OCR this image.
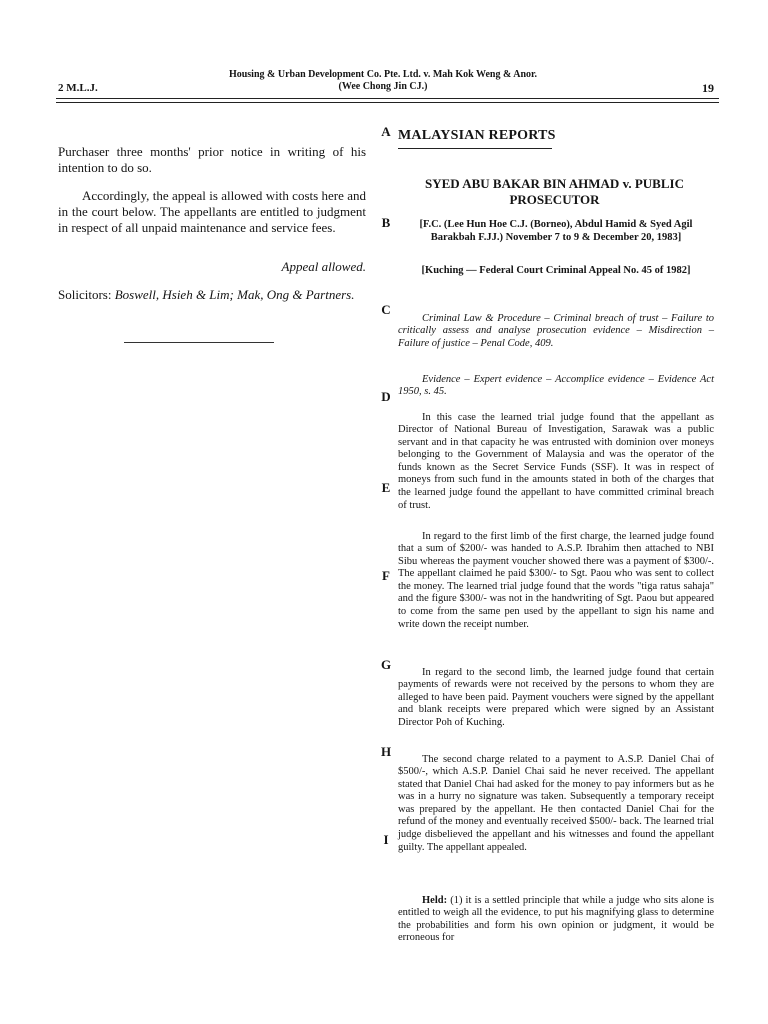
2 M.L.J.
Housing & Urban Development Co. Pte. Ltd. v. Mah Kok Weng & Anor.
(Wee Chong Jin CJ.)	19

Purchaser three months' prior notice in writing of his intention to do so.

Accordingly, the appeal is allowed with costs here and in the court below. The appellants are entitled to judgment in respect of all unpaid maintenance and service fees.

Appeal allowed.

Solicitors: Boswell, Hsieh & Lim; Mak, Ong & Partners.

A
B
C
D
E
F
G
H
I
MALAYSIAN REPORTS
SYED ABU BAKAR BIN AHMAD v. PUBLIC PROSECUTOR
[F.C. (Lee Hun Hoe C.J. (Borneo), Abdul Hamid & Syed Agil Barakbah F.JJ.) November 7 to 9 & December 20, 1983]
[Kuching — Federal Court Criminal Appeal No. 45 of 1982]

Criminal Law & Procedure – Criminal breach of trust – Failure to critically assess and analyse prosecution evidence – Misdirection – Failure of justice – Penal Code, 409.

Evidence – Expert evidence – Accomplice evidence – Evidence Act 1950, s. 45.

In this case the learned trial judge found that the appellant as Director of National Bureau of Investigation, Sarawak was a public servant and in that capacity he was entrusted with dominion over moneys belonging to the Government of Malaysia and was the operator of the funds known as the Secret Service Funds (SSF). It was in respect of moneys from such fund in the amounts stated in both of the charges that the learned judge found the appellant to have committed criminal breach of trust.

In regard to the first limb of the first charge, the learned judge found that a sum of $200/- was handed to A.S.P. Ibrahim then attached to NBI Sibu whereas the payment voucher showed there was a payment of $300/-. The appellant claimed he paid $300/- to Sgt. Paou who was sent to collect the money. The learned trial judge found that the words "tiga ratus sahaja" and the figure $300/- was not in the handwriting of Sgt. Paou but appeared to come from the same pen used by the appellant to sign his name and write down the receipt number.

In regard to the second limb, the learned judge found that certain payments of rewards were not received by the persons to whom they are alleged to have been paid. Payment vouchers were signed by the appellant and blank receipts were prepared which were signed by an Assistant Director Poh of Kuching.

The second charge related to a payment to A.S.P. Daniel Chai of $500/-, which A.S.P. Daniel Chai said he never received. The appellant stated that Daniel Chai had asked for the money to pay informers but as he was in a hurry no signature was taken. Subsequently a temporary receipt was prepared by the appellant. He then contacted Daniel Chai for the refund of the money and eventually received $500/- back. The learned trial judge disbelieved the appellant and his witnesses and found the appellant guilty. The appellant appealed.

Held: (1) it is a settled principle that while a judge who sits alone is entitled to weigh all the evidence, to put his magnifying glass to determine the probabilities and form his own opinion or judgment, it would be erroneous for
